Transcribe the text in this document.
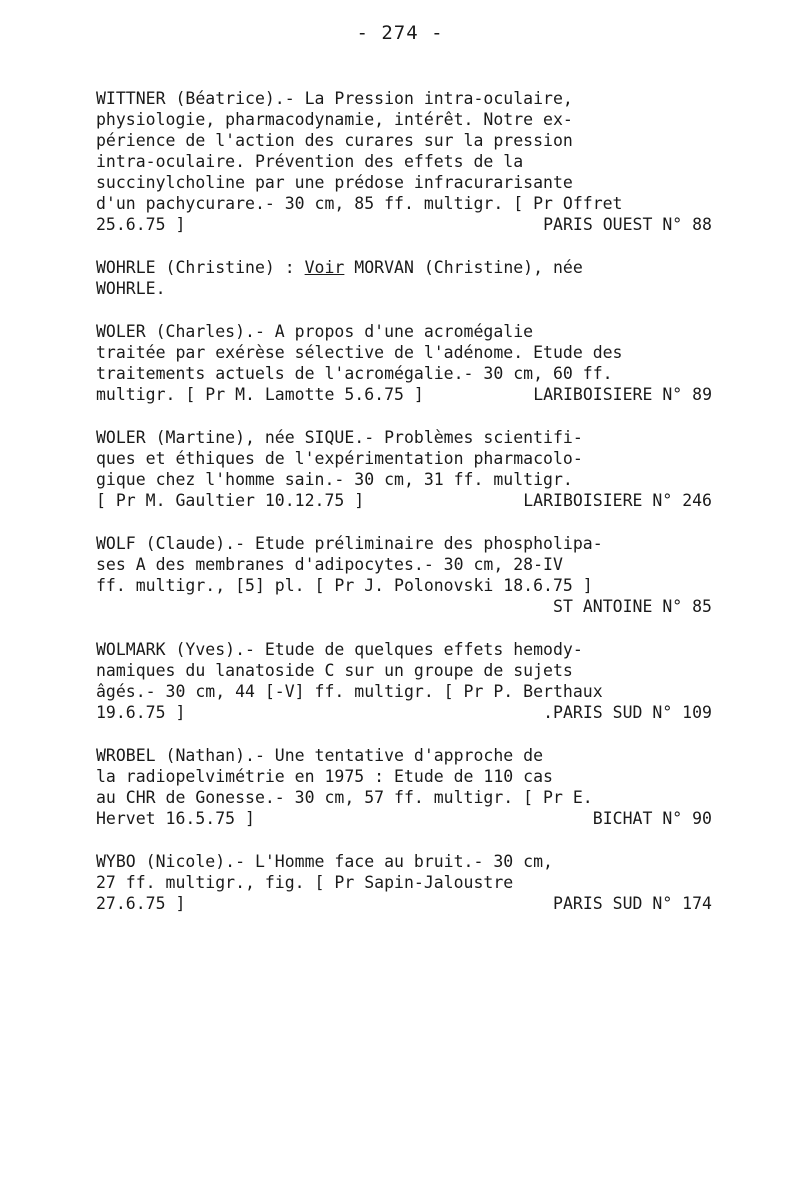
- 274 -
WITTNER (Béatrice).- La Pression intra-oculaire,
physiologie, pharmacodynamie, intérêt. Notre ex-
périence de l'action des curares sur la pression
intra-oculaire. Prévention des effets de la
succinylcholine par une prédose infracurarisante
d'un pachycurare.- 30 cm, 85 ff. multigr. [ Pr Offret
25.6.75 ]	PARIS OUEST N° 88
WOHRLE (Christine) : Voir MORVAN (Christine), née
WOHRLE.
WOLER (Charles).- A propos d'une acromégalie
traitée par exérèse sélective de l'adénome. Etude des
traitements actuels de l'acromégalie.- 30 cm, 60 ff.
multigr. [ Pr M. Lamotte 5.6.75 ]	LARIBOISIERE N° 89
WOLER (Martine), née SIQUE.- Problèmes scientifi-
ques et éthiques de l'expérimentation pharmacolo-
gique chez l'homme sain.- 30 cm, 31 ff. multigr.
[ Pr M. Gaultier 10.12.75 ]	LARIBOISIERE N° 246
WOLF (Claude).- Etude préliminaire des phospholipa-
ses A des membranes d'adipocytes.- 30 cm, 28-IV
ff. multigr., [5] pl. [ Pr J. Polonovski 18.6.75 ]
ST ANTOINE N° 85
WOLMARK (Yves).- Etude de quelques effets hemody-
namiques du lanatoside C sur un groupe de sujets
âgés.- 30 cm, 44 [-V] ff. multigr. [ Pr P. Berthaux
19.6.75 ]	.PARIS SUD N° 109
WROBEL (Nathan).- Une tentative d'approche de
la radiopelvimétrie en 1975 : Etude de 110 cas
au CHR de Gonesse.- 30 cm, 57 ff. multigr. [ Pr E.
Hervet 16.5.75 ]	BICHAT N° 90
WYBO (Nicole).- L'Homme face au bruit.- 30 cm,
27 ff. multigr., fig. [ Pr Sapin-Jaloustre
27.6.75 ]	PARIS SUD N° 174
